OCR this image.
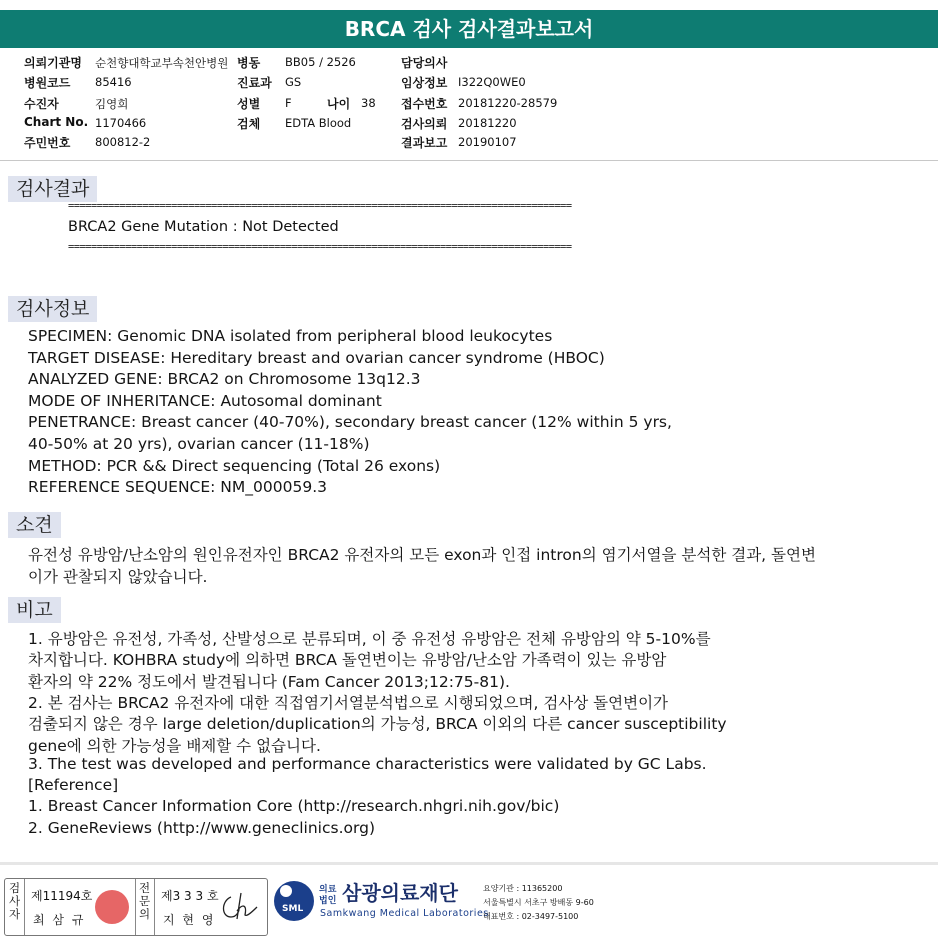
BRCA 검사 검사결과보고서
의뢰기관명 순천향대학교부속천안병원
병원코드 85416
수진자	김영희
Chart No. 1170466
주민번호 800812-2
병동 BB05 / 2526
진료과 GS
성별 F
검체 EDTA Blood
담당의사
임상정보 I322Q0WE0
접수번호 20181220-28579
검사의뢰 20181220
결과보고 20190107
나이 38
검사결과
========================================================================================
BRCA2 Gene Mutation : Not Detected
========================================================================================
검사정보
SPECIMEN: Genomic DNA isolated from peripheral blood leukocytes
TARGET DISEASE: Hereditary breast and ovarian cancer syndrome (HBOC)
ANALYZED GENE: BRCA2 on Chromosome 13q12.3
MODE OF INHERITANCE: Autosomal dominant
PENETRANCE: Breast cancer (40-70%), secondary breast cancer (12% within 5 yrs,
40-50% at 20 yrs), ovarian cancer (11-18%)
METHOD: PCR && Direct sequencing (Total 26 exons)
REFERENCE SEQUENCE: NM_000059.3
소견
유전성 유방암/난소암의 원인유전자인 BRCA2 유전자의 모든 exon과 인접 intron의 염기서열을 분석한 결과, 돌연변
이가 관찰되지 않았습니다.
비고
1. 유방암은 유전성, 가족성, 산발성으로 분류되며, 이 중 유전성 유방암은 전체 유방암의 약 5-10%를
차지합니다. KOHBRA study에 의하면 BRCA 돌연변이는 유방암/난소암 가족력이 있는 유방암
환자의 약 22% 정도에서 발견됩니다 (Fam Cancer 2013;12:75-81).
2. 본 검사는 BRCA2 유전자에 대한 직접염기서열분석법으로 시행되었으며, 검사상 돌연변이가
검출되지 않은 경우 large deletion/duplication의 가능성, BRCA 이외의 다른 cancer susceptibility
gene에 의한 가능성을 배제할 수 없습니다.
3. The test was developed and performance characteristics were validated by GC Labs.
[Reference]
1. Breast Cancer Information Core (http://research.nhgri.nih.gov/bic)
2. GeneReviews (http://www.geneclinics.org)
검
사
자
제11194호
최 삼 규
전
문
의
제3 3 3 호
지 현 영
SML
의료
법인 삼광의료재단
Samkwang Medical Laboratories
요양기관 : 11365200
서울특별시 서초구 방배동 9-60
대표번호 : 02-3497-5100
